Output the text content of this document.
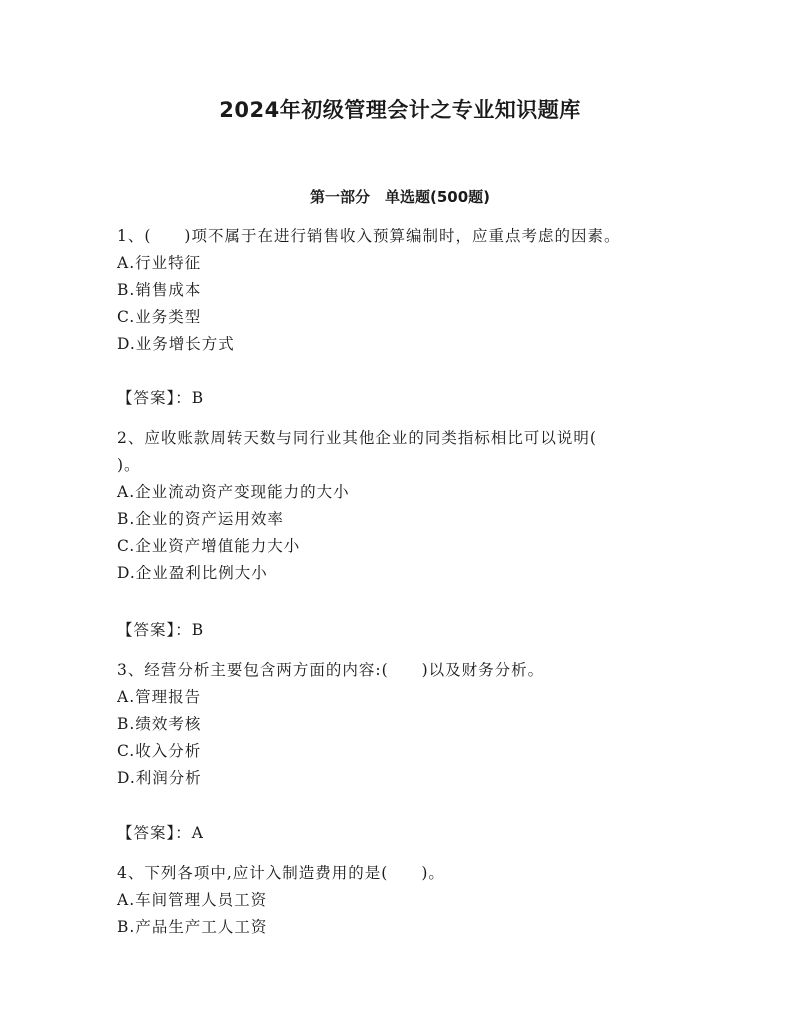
2024年初级管理会计之专业知识题库
第一部分　单选题(500题)
1、(　　)项不属于在进行销售收入预算编制时，应重点考虑的因素。
A.行业特征
B.销售成本
C.业务类型
D.业务增长方式
【答案】：B
2、应收账款周转天数与同行业其他企业的同类指标相比可以说明(
)。
A.企业流动资产变现能力的大小
B.企业的资产运用效率
C.企业资产增值能力大小
D.企业盈利比例大小
【答案】：B
3、经营分析主要包含两方面的内容:(　　)以及财务分析。
A.管理报告
B.绩效考核
C.收入分析
D.利润分析
【答案】：A
4、下列各项中,应计入制造费用的是(　　)。
A.车间管理人员工资
B.产品生产工人工资
